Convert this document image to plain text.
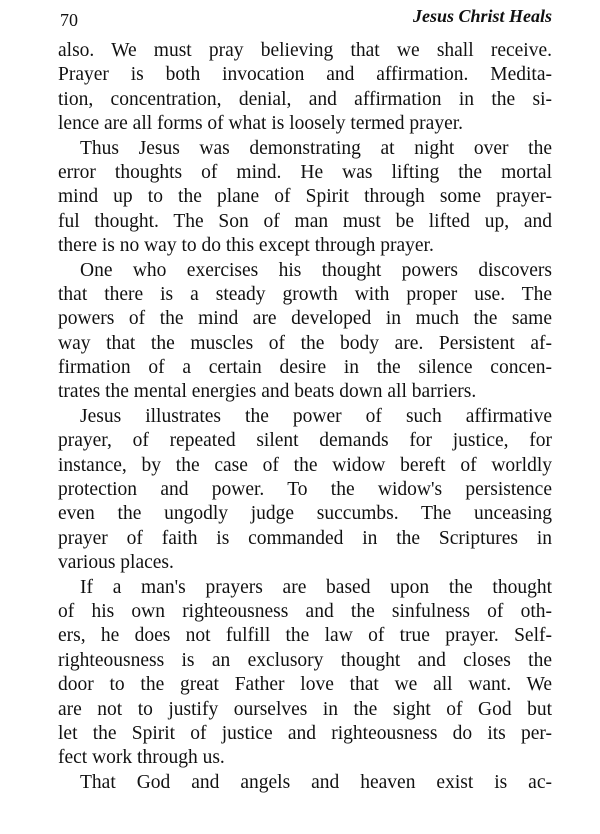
70	Jesus Christ Heals
also. We must pray believing that we shall receive.
Prayer is both invocation and affirmation. Medita-
tion, concentration, denial, and affirmation in the si-
lence are all forms of what is loosely termed prayer.
Thus Jesus was demonstrating at night over the
error thoughts of mind. He was lifting the mortal
mind up to the plane of Spirit through some prayer-
ful thought. The Son of man must be lifted up, and
there is no way to do this except through prayer.
One who exercises his thought powers discovers
that there is a steady growth with proper use. The
powers of the mind are developed in much the same
way that the muscles of the body are. Persistent af-
firmation of a certain desire in the silence concen-
trates the mental energies and beats down all barriers.
Jesus illustrates the power of such affirmative
prayer, of repeated silent demands for justice, for
instance, by the case of the widow bereft of worldly
protection and power. To the widow's persistence
even the ungodly judge succumbs. The unceasing
prayer of faith is commanded in the Scriptures in
various places.
If a man's prayers are based upon the thought
of his own righteousness and the sinfulness of oth-
ers, he does not fulfill the law of true prayer. Self-
righteousness is an exclusory thought and closes the
door to the great Father love that we all want. We
are not to justify ourselves in the sight of God but
let the Spirit of justice and righteousness do its per-
fect work through us.
That God and angels and heaven exist is ac-
